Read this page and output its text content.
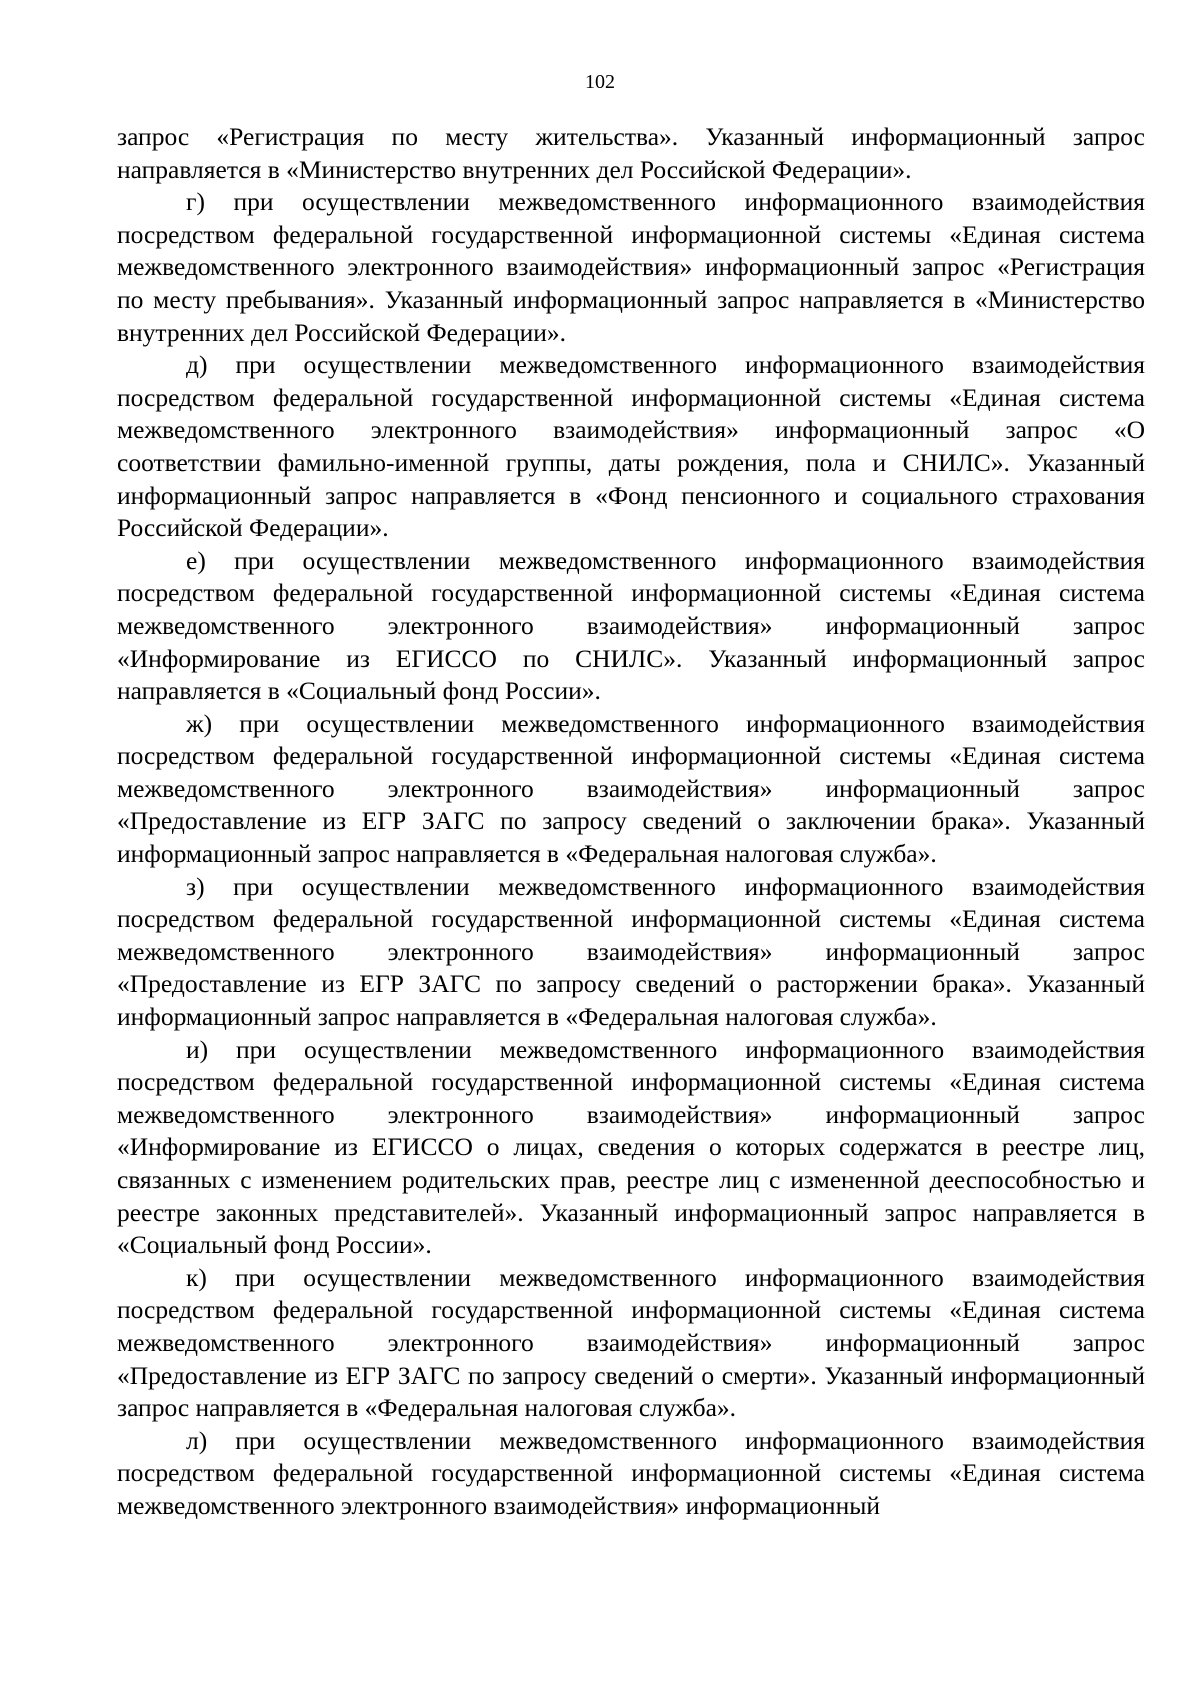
102

запрос «Регистрация по месту жительства». Указанный информационный запрос направляется в «Министерство внутренних дел Российской Федерации».

г) при осуществлении межведомственного информационного взаимодействия посредством федеральной государственной информационной системы «Единая система межведомственного электронного взаимодействия» информационный запрос «Регистрация по месту пребывания». Указанный информационный запрос направляется в «Министерство внутренних дел Российской Федерации».

д) при осуществлении межведомственного информационного взаимодействия посредством федеральной государственной информационной системы «Единая система межведомственного электронного взаимодействия» информационный запрос «О соответствии фамильно-именной группы, даты рождения, пола и СНИЛС». Указанный информационный запрос направляется в «Фонд пенсионного и социального страхования Российской Федерации».

е) при осуществлении межведомственного информационного взаимодействия посредством федеральной государственной информационной системы «Единая система межведомственного электронного взаимодействия» информационный запрос «Информирование из ЕГИССО по СНИЛС». Указанный информационный запрос направляется в «Социальный фонд России».

ж) при осуществлении межведомственного информационного взаимодействия посредством федеральной государственной информационной системы «Единая система межведомственного электронного взаимодействия» информационный запрос «Предоставление из ЕГР ЗАГС по запросу сведений о заключении брака». Указанный информационный запрос направляется в «Федеральная налоговая служба».

з) при осуществлении межведомственного информационного взаимодействия посредством федеральной государственной информационной системы «Единая система межведомственного электронного взаимодействия» информационный запрос «Предоставление из ЕГР ЗАГС по запросу сведений о расторжении брака». Указанный информационный запрос направляется в «Федеральная налоговая служба».

и) при осуществлении межведомственного информационного взаимодействия посредством федеральной государственной информационной системы «Единая система межведомственного электронного взаимодействия» информационный запрос «Информирование из ЕГИССО о лицах, сведения о которых содержатся в реестре лиц, связанных с изменением родительских прав, реестре лиц с измененной дееспособностью и реестре законных представителей». Указанный информационный запрос направляется в «Социальный фонд России».

к) при осуществлении межведомственного информационного взаимодействия посредством федеральной государственной информационной системы «Единая система межведомственного электронного взаимодействия» информационный запрос «Предоставление из ЕГР ЗАГС по запросу сведений о смерти». Указанный информационный запрос направляется в «Федеральная налоговая служба».

л) при осуществлении межведомственного информационного взаимодействия посредством федеральной государственной информационной системы «Единая система межведомственного электронного взаимодействия» информационный
